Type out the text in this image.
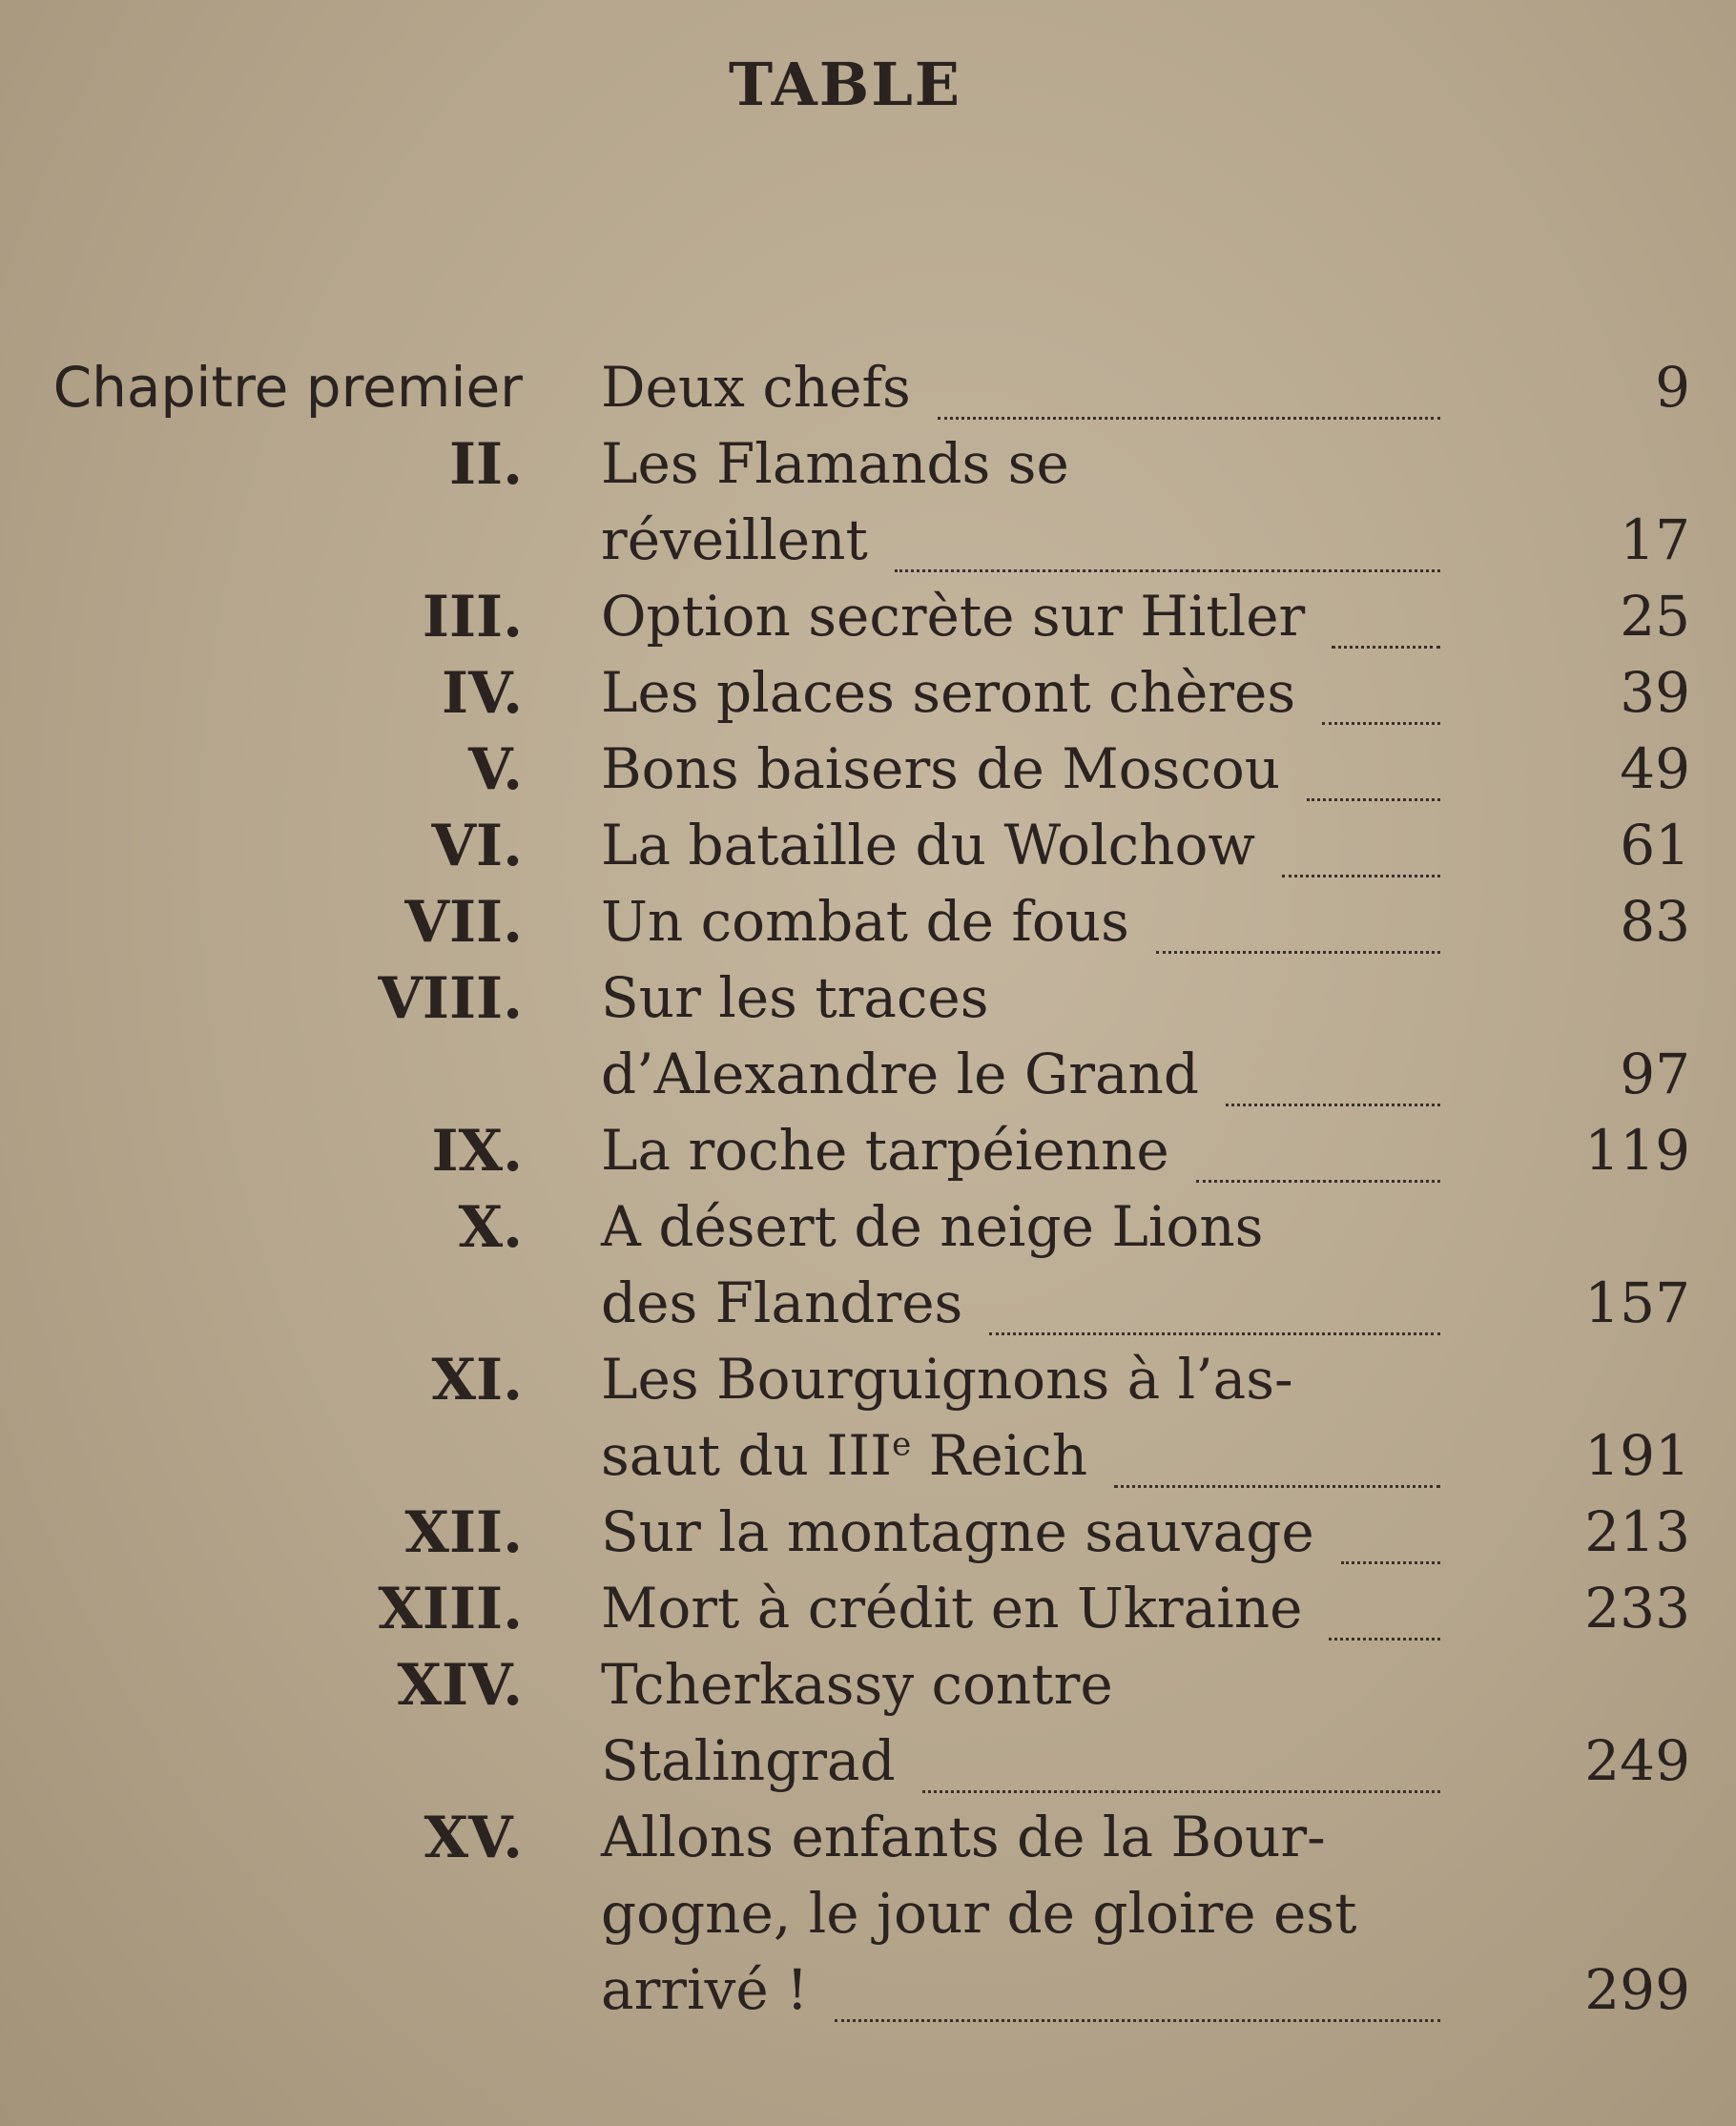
TABLE
Chapitre premier Deux chefs	9
II. Les Flamands se
réveillent	17
III. Option secrète sur Hitler	25
IV. Les places seront chères	39
V. Bons baisers de Moscou	49
VI. La bataille du Wolchow	61
VII. Un combat de fous	83
VIII. Sur les traces
d’Alexandre le Grand	97
IX. La roche tarpéienne	119
X. A désert de neige Lions
des Flandres	157
XI. Les Bourguignons à l’as-
saut du IIIe Reich	191
XII. Sur la montagne sauvage	213
XIII. Mort à crédit en Ukraine	233
XIV. Tcherkassy contre
Stalingrad	249
XV. Allons enfants de la Bour-
gogne, le jour de gloire est
arrivé !	299
